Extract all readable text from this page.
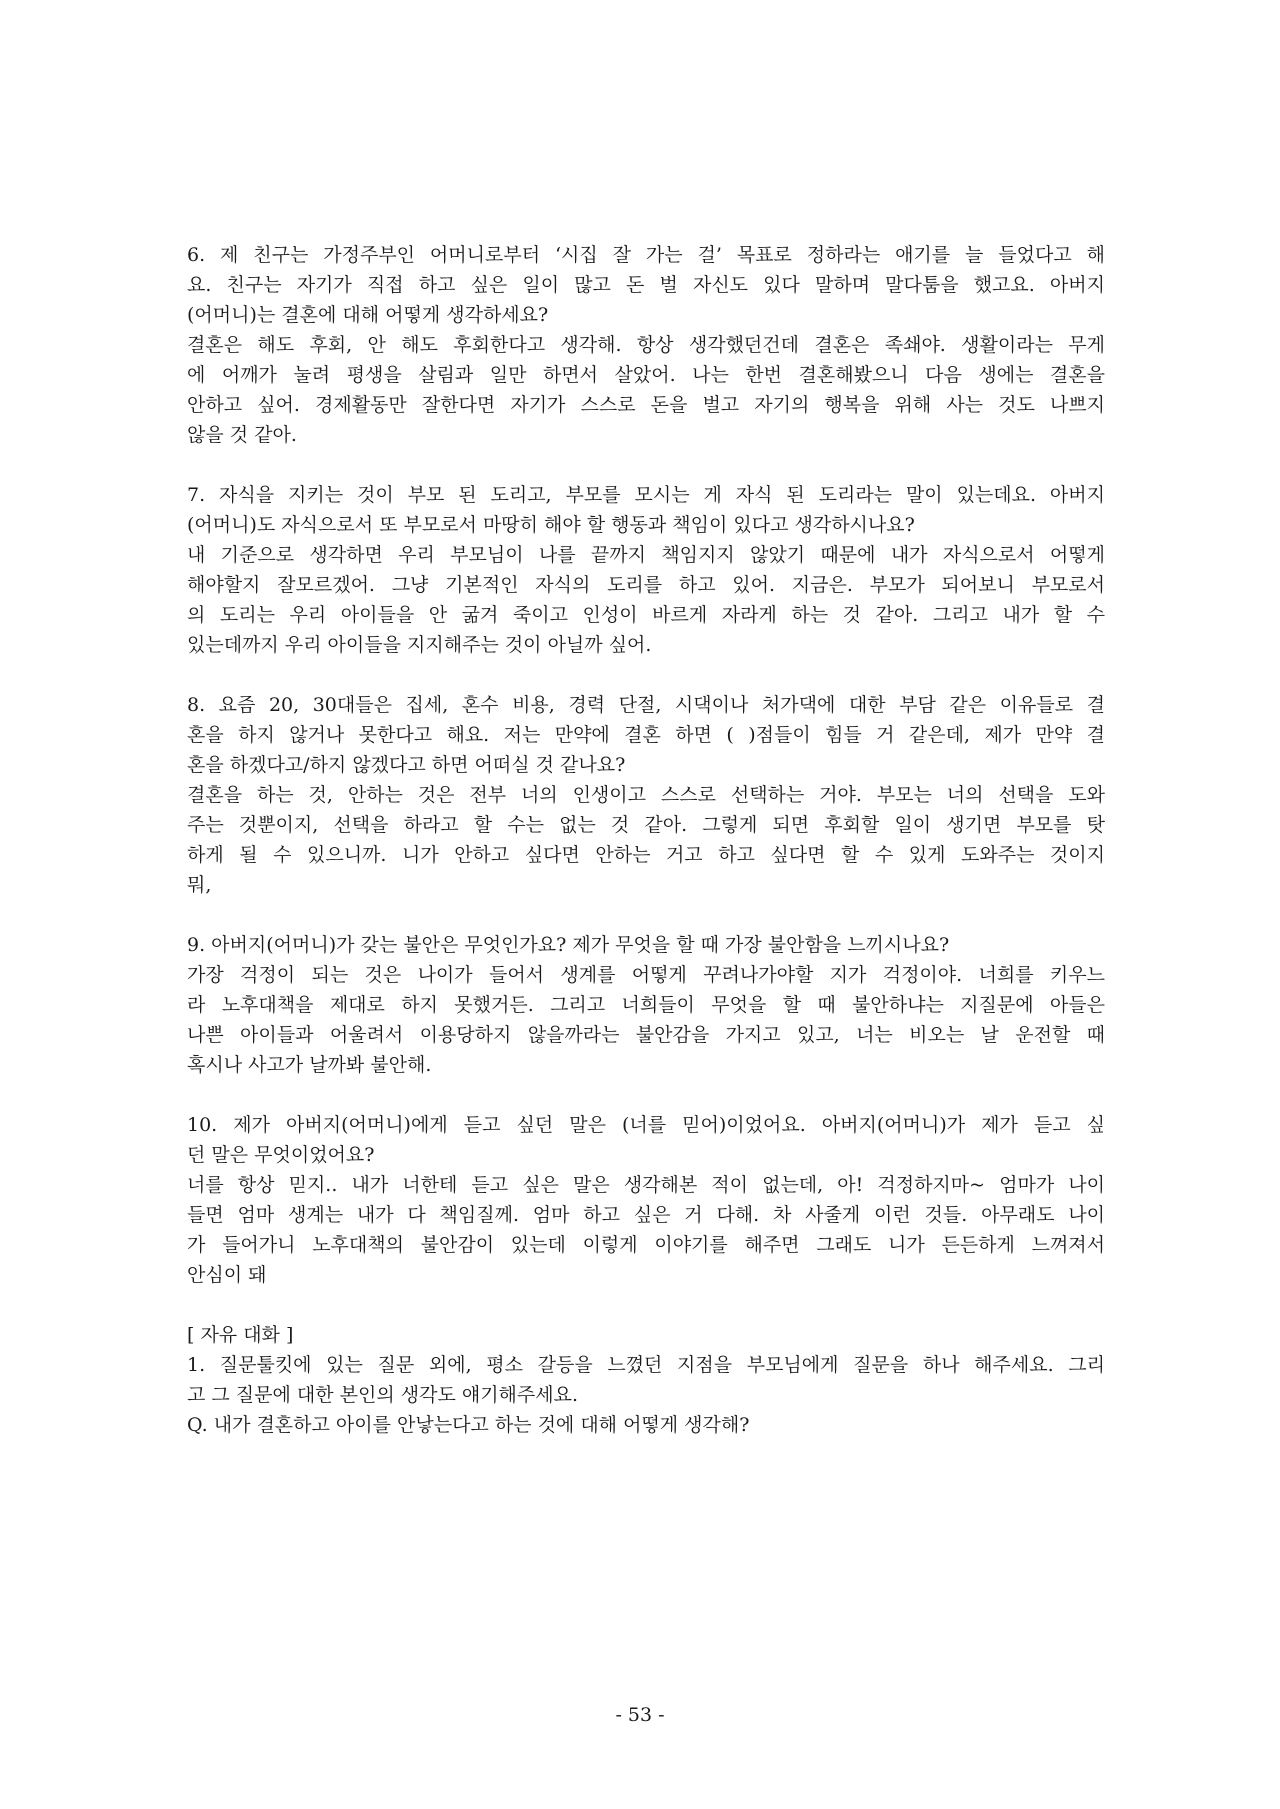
6. 제 친구는 가정주부인 어머니로부터 ‘시집 잘 가는 걸’ 목표로 정하라는 애기를 늘 들었다고 해
요. 친구는 자기가 직접 하고 싶은 일이 많고 돈 벌 자신도 있다 말하며 말다툼을 했고요. 아버지
(어머니)는 결혼에 대해 어떻게 생각하세요?
결혼은 해도 후회, 안 해도 후회한다고 생각해. 항상 생각했던건데 결혼은 족쇄야. 생활이라는 무게
에 어깨가 눌려 평생을 살림과 일만 하면서 살았어. 나는 한번 결혼해봤으니 다음 생에는 결혼을
안하고 싶어. 경제활동만 잘한다면 자기가 스스로 돈을 벌고 자기의 행복을 위해 사는 것도 나쁘지
않을 것 같아.
7. 자식을 지키는 것이 부모 된 도리고, 부모를 모시는 게 자식 된 도리라는 말이 있는데요. 아버지
(어머니)도 자식으로서 또 부모로서 마땅히 해야 할 행동과 책임이 있다고 생각하시나요?
내 기준으로 생각하면 우리 부모님이 나를 끝까지 책임지지 않았기 때문에 내가 자식으로서 어떻게
해야할지 잘모르겠어. 그냥 기본적인 자식의 도리를 하고 있어. 지금은. 부모가 되어보니 부모로서
의 도리는 우리 아이들을 안 굶겨 죽이고 인성이 바르게 자라게 하는 것 같아. 그리고 내가 할 수
있는데까지 우리 아이들을 지지해주는 것이 아닐까 싶어.
8. 요즘 20, 30대들은 집세, 혼수 비용, 경력 단절, 시댁이나 처가댁에 대한 부담 같은 이유들로 결
혼을 하지 않거나 못한다고 해요. 저는 만약에 결혼 하면 ( )점들이 힘들 거 같은데, 제가 만약 결
혼을 하겠다고/하지 않겠다고 하면 어떠실 것 같나요?
결혼을 하는 것, 안하는 것은 전부 너의 인생이고 스스로 선택하는 거야. 부모는 너의 선택을 도와
주는 것뿐이지, 선택을 하라고 할 수는 없는 것 같아. 그렇게 되면 후회할 일이 생기면 부모를 탓
하게 될 수 있으니까. 니가 안하고 싶다면 안하는 거고 하고 싶다면 할 수 있게 도와주는 것이지
뭐,
9. 아버지(어머니)가 갖는 불안은 무엇인가요? 제가 무엇을 할 때 가장 불안함을 느끼시나요?
가장 걱정이 되는 것은 나이가 들어서 생계를 어떻게 꾸려나가야할 지가 걱정이야. 너희를 키우느
라 노후대책을 제대로 하지 못했거든. 그리고 너희들이 무엇을 할 때 불안하냐는 지질문에 아들은
나쁜 아이들과 어울려서 이용당하지 않을까라는 불안감을 가지고 있고, 너는 비오는 날 운전할 때
혹시나 사고가 날까봐 불안해.
10. 제가 아버지(어머니)에게 듣고 싶던 말은 (너를 믿어)이었어요. 아버지(어머니)가 제가 듣고 싶
던 말은 무엇이었어요?
너를 항상 믿지.. 내가 너한테 듣고 싶은 말은 생각해본 적이 없는데, 아! 걱정하지마~ 엄마가 나이
들면 엄마 생계는 내가 다 책임질께. 엄마 하고 싶은 거 다해. 차 사줄게 이런 것들. 아무래도 나이
가 들어가니 노후대책의 불안감이 있는데 이렇게 이야기를 해주면 그래도 니가 든든하게 느껴져서
안심이 돼
[ 자유 대화 ]
1. 질문툴킷에 있는 질문 외에, 평소 갈등을 느꼈던 지점을 부모님에게 질문을 하나 해주세요. 그리
고 그 질문에 대한 본인의 생각도 얘기해주세요.
Q. 내가 결혼하고 아이를 안낳는다고 하는 것에 대해 어떻게 생각해?
- 53 -
